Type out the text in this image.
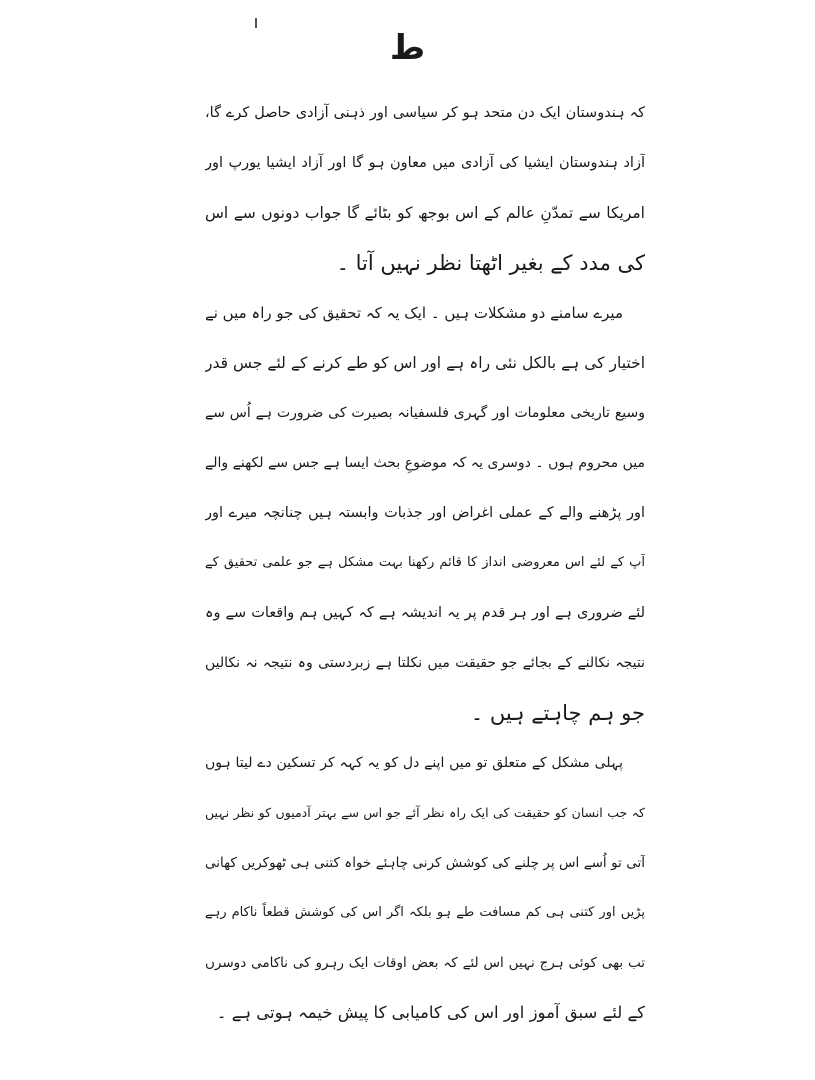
ط
کہ ہندوستان ایک دن متحد ہو کر سیاسی اور ذہنی آزادی حاصل کرے گا،
آزاد ہندوستان ایشیا کی آزادی میں معاون ہو گا اور آزاد ایشیا یورپ اور
امریکا سے تمدّنِ عالم کے اس بوجھ کو بٹائے گا جواب دونوں سے اس
کی مدد کے بغیر اٹھتا نظر نہیں آتا ۔
میرے سامنے دو مشکلات ہیں ۔ ایک یہ کہ تحقیق کی جو راہ میں نے
اختیار کی ہے بالکل نئی راہ ہے اور اس کو طے کرنے کے لئے جس قدر
وسیع تاریخی معلومات اور گہری فلسفیانہ بصیرت کی ضرورت ہے اُس سے
میں محروم ہوں ۔ دوسری یہ کہ موضوعِ بحث ایسا ہے جس سے لکھنے والے
اور پڑھنے والے کے عملی اغراض اور جذبات وابستہ ہیں چنانچہ میرے اور
آپ کے لئے اس معروضی انداز کا قائم رکھنا بہت مشکل ہے جو علمی تحقیق کے
لئے ضروری ہے اور ہر قدم پر یہ اندیشہ ہے کہ کہیں ہم واقعات سے وہ
نتیجہ نکالنے کے بجائے جو حقیقت میں نکلتا ہے زبردستی وہ نتیجہ نہ نکالیں
جو ہم چاہتے ہیں ۔
پہلی مشکل کے متعلق تو میں اپنے دل کو یہ کہہ کر تسکین دے لیتا ہوں
کہ جب انسان کو حقیقت کی ایک راہ نظر آئے جو اس سے بہتر آدمیوں کو نظر نہیں
آتی تو اُسے اس پر چلنے کی کوشش کرنی چاہئے خواہ کتنی ہی ٹھوکریں کھانی
پڑیں اور کتنی ہی کم مسافت طے ہو بلکہ اگر اس کی کوشش قطعاً ناکام رہے
تب بھی کوئی ہرج نہیں اس لئے کہ بعض اوقات ایک رہرو کی ناکامی دوسرں
کے لئے سبق آموز اور اس کی کامیابی کا پیش خیمہ ہوتی ہے ۔
